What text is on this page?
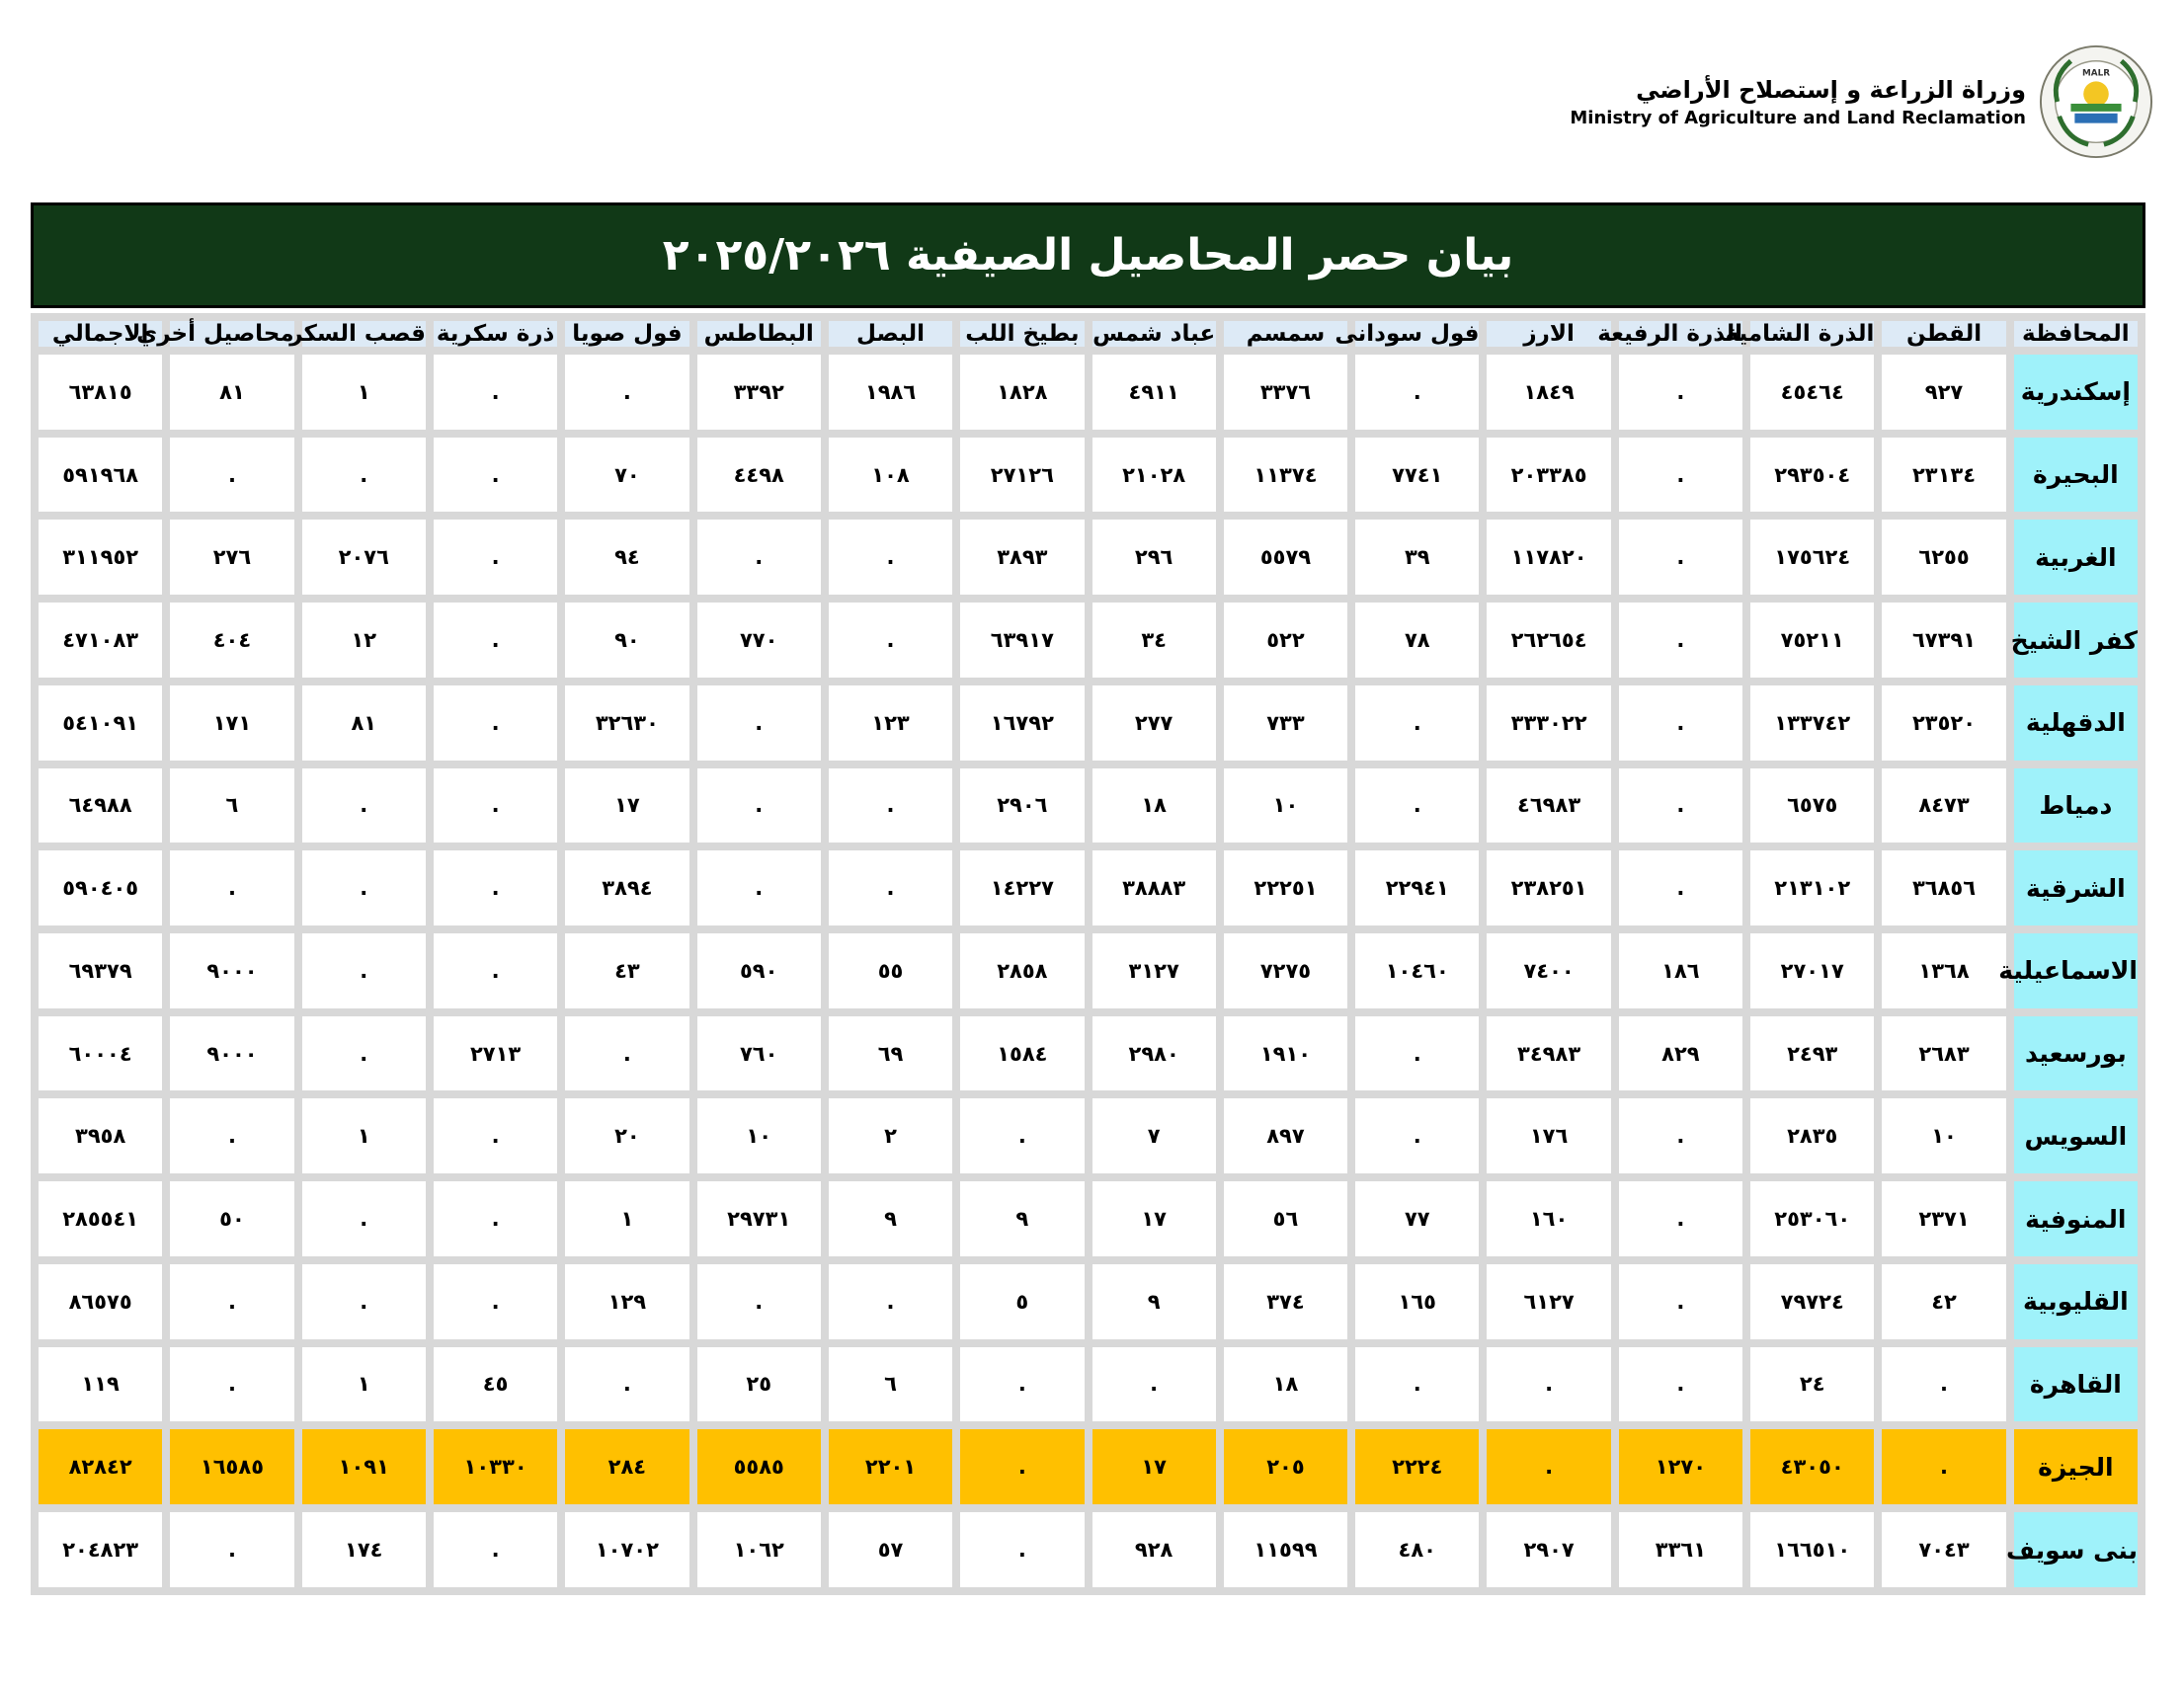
وزراة الزراعة و إستصلاح الأراضي
Ministry of Agriculture and Land Reclamation
MALR
بيان حصر المحاصيل الصيفية ٢٠٢٥/٢٠٢٦
المحافظة	القطن	الذرة الشامية	الذرة الرفيعة	الارز	فول سودانى	سمسم	عباد شمس	بطيخ اللب	البصل	البطاطس	فول صويا	ذرة سكرية	قصب السكر	محاصيل أخري	الاجمالي
إسكندرية	٩٢٧	٤٥٤٦٤	.	١٨٤٩	.	٣٣٧٦	٤٩١١	١٨٢٨	١٩٨٦	٣٣٩٢	.	.	١	٨١	٦٣٨١٥
البحيرة	٢٣١٣٤	٢٩٣٥٠٤	.	٢٠٣٣٨٥	٧٧٤١	١١٣٧٤	٢١٠٢٨	٢٧١٢٦	١٠٨	٤٤٩٨	٧٠	.	.	.	٥٩١٩٦٨
الغربية	٦٢٥٥	١٧٥٦٢٤	.	١١٧٨٢٠	٣٩	٥٥٧٩	٢٩٦	٣٨٩٣	.	.	٩٤	.	٢٠٧٦	٢٧٦	٣١١٩٥٢
كفر الشيخ	٦٧٣٩١	٧٥٢١١	.	٢٦٢٦٥٤	٧٨	٥٢٢	٣٤	٦٣٩١٧	.	٧٧٠	٩٠	.	١٢	٤٠٤	٤٧١٠٨٣
الدقهلية	٢٣٥٢٠	١٣٣٧٤٢	.	٣٣٣٠٢٢	.	٧٣٣	٢٧٧	١٦٧٩٢	١٢٣	.	٣٢٦٣٠	.	٨١	١٧١	٥٤١٠٩١
دمياط	٨٤٧٣	٦٥٧٥	.	٤٦٩٨٣	.	١٠	١٨	٢٩٠٦	.	.	١٧	.	.	٦	٦٤٩٨٨
الشرقية	٣٦٨٥٦	٢١٣١٠٢	.	٢٣٨٢٥١	٢٢٩٤١	٢٢٢٥١	٣٨٨٨٣	١٤٢٢٧	.	.	٣٨٩٤	.	.	.	٥٩٠٤٠٥
الاسماعيلية	١٣٦٨	٢٧٠١٧	١٨٦	٧٤٠٠	١٠٤٦٠	٧٢٧٥	٣١٢٧	٢٨٥٨	٥٥	٥٩٠	٤٣	.	.	٩٠٠٠	٦٩٣٧٩
بورسعيد	٢٦٨٣	٢٤٩٣	٨٢٩	٣٤٩٨٣	.	١٩١٠	٢٩٨٠	١٥٨٤	٦٩	٧٦٠	.	٢٧١٣	.	٩٠٠٠	٦٠٠٠٤
السويس	١٠	٢٨٣٥	.	١٧٦	.	٨٩٧	٧	.	٢	١٠	٢٠	.	١	.	٣٩٥٨
المنوفية	٢٣٧١	٢٥٣٠٦٠	.	١٦٠	٧٧	٥٦	١٧	٩	٩	٢٩٧٣١	١	.	.	٥٠	٢٨٥٥٤١
القليوبية	٤٢	٧٩٧٢٤	.	٦١٢٧	١٦٥	٣٧٤	٩	٥	.	.	١٢٩	.	.	.	٨٦٥٧٥
القاهرة	.	٢٤	.	.	.	١٨	.	.	٦	٢٥	.	٤٥	١	.	١١٩
الجيزة	.	٤٣٠٥٠	١٢٧٠	.	٢٢٢٤	٢٠٥	١٧	.	٢٢٠١	٥٥٨٥	٢٨٤	١٠٣٣٠	١٠٩١	١٦٥٨٥	٨٢٨٤٢
بنى سويف	٧٠٤٣	١٦٦٥١٠	٣٣٦١	٢٩٠٧	٤٨٠	١١٥٩٩	٩٢٨	.	٥٧	١٠٦٢	١٠٧٠٢	.	١٧٤	.	٢٠٤٨٢٣
